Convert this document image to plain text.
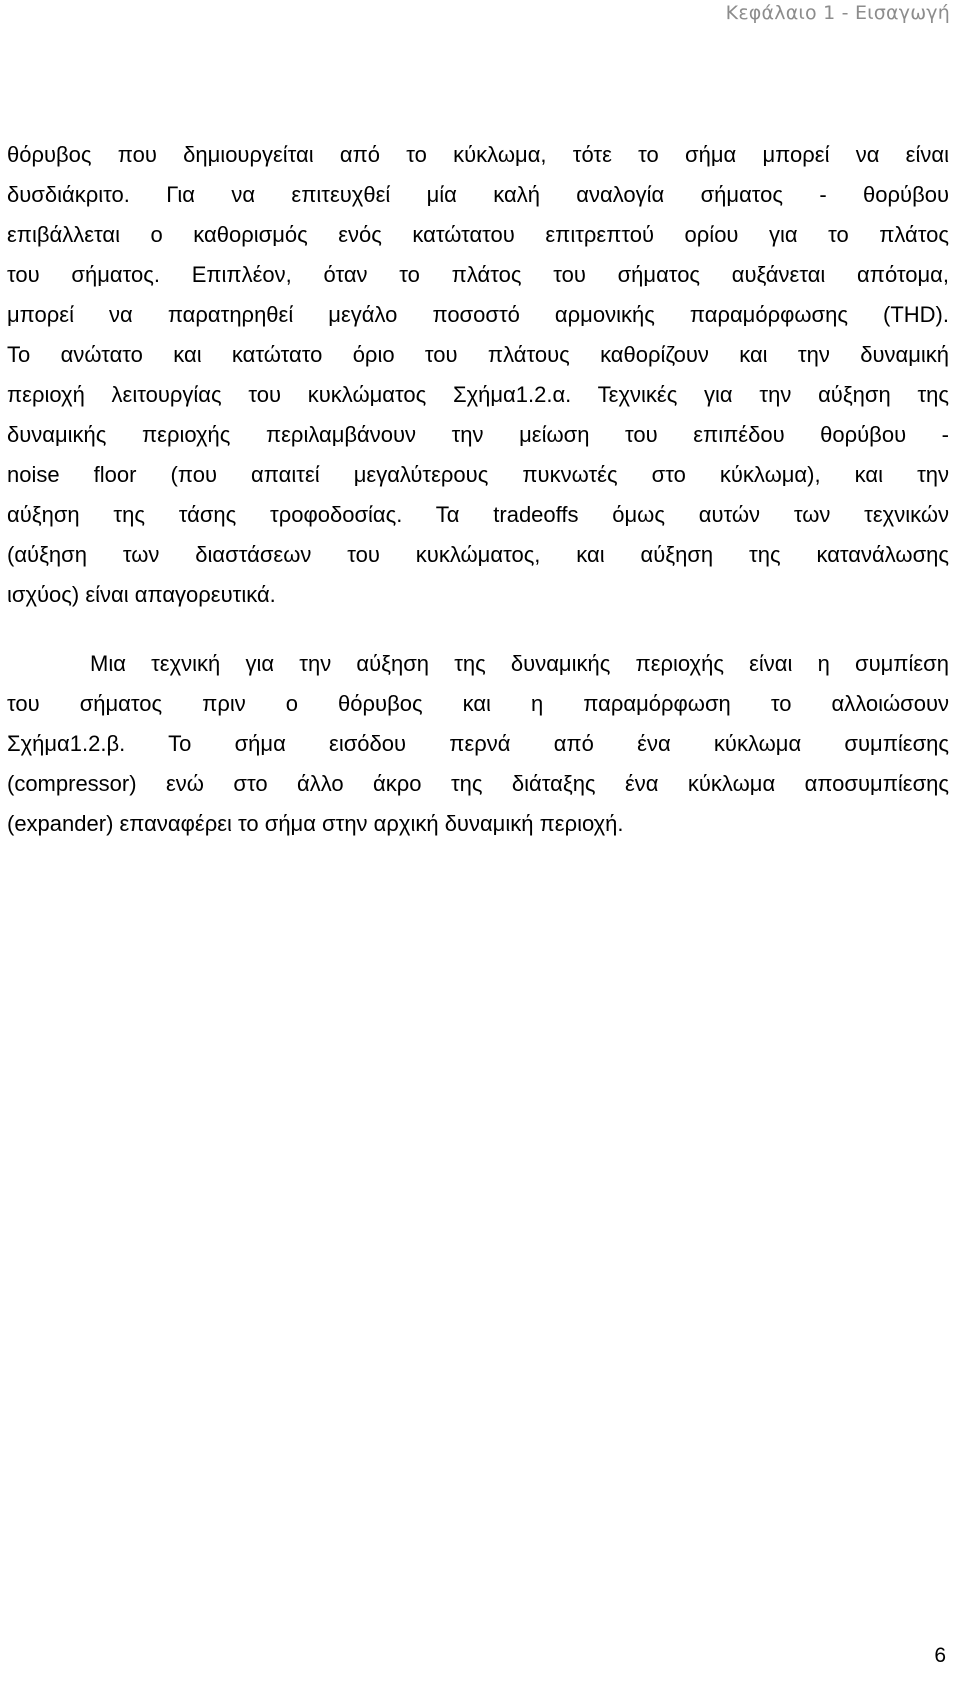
Κεφάλαιο 1 - Εισαγωγή
θόρυβος που δημιουργείται από το κύκλωμα, τότε το σήμα μπορεί να είναι
δυσδιάκριτο. Για να επιτευχθεί μία καλή αναλογία σήματος - θορύβου
επιβάλλεται ο καθορισμός ενός κατώτατου επιτρεπτού ορίου για το πλάτος
του σήματος. Επιπλέον, όταν το πλάτος του σήματος αυξάνεται απότομα,
μπορεί να παρατηρηθεί μεγάλο ποσοστό αρμονικής παραμόρφωσης (THD).
Το ανώτατο και κατώτατο όριο του πλάτους καθορίζουν και την δυναμική
περιοχή λειτουργίας του κυκλώματος Σχήμα1.2.α. Τεχνικές για την αύξηση της
δυναμικής περιοχής περιλαμβάνουν την μείωση του επιπέδου θορύβου -
noise floor (που απαιτεί μεγαλύτερους πυκνωτές στο κύκλωμα), και την
αύξηση της τάσης τροφοδοσίας. Τα tradeoffs όμως αυτών των τεχνικών
(αύξηση των διαστάσεων του κυκλώματος, και αύξηση της κατανάλωσης
ισχύος) είναι απαγορευτικά.
Μια τεχνική για την αύξηση της δυναμικής περιοχής είναι η συμπίεση
του σήματος πριν ο θόρυβος και η παραμόρφωση το αλλοιώσουν
Σχήμα1.2.β. Το σήμα εισόδου περνά από ένα κύκλωμα συμπίεσης
(compressor) ενώ στο άλλο άκρο της διάταξης ένα κύκλωμα αποσυμπίεσης
(expander) επαναφέρει το σήμα στην αρχική δυναμική περιοχή.
6
